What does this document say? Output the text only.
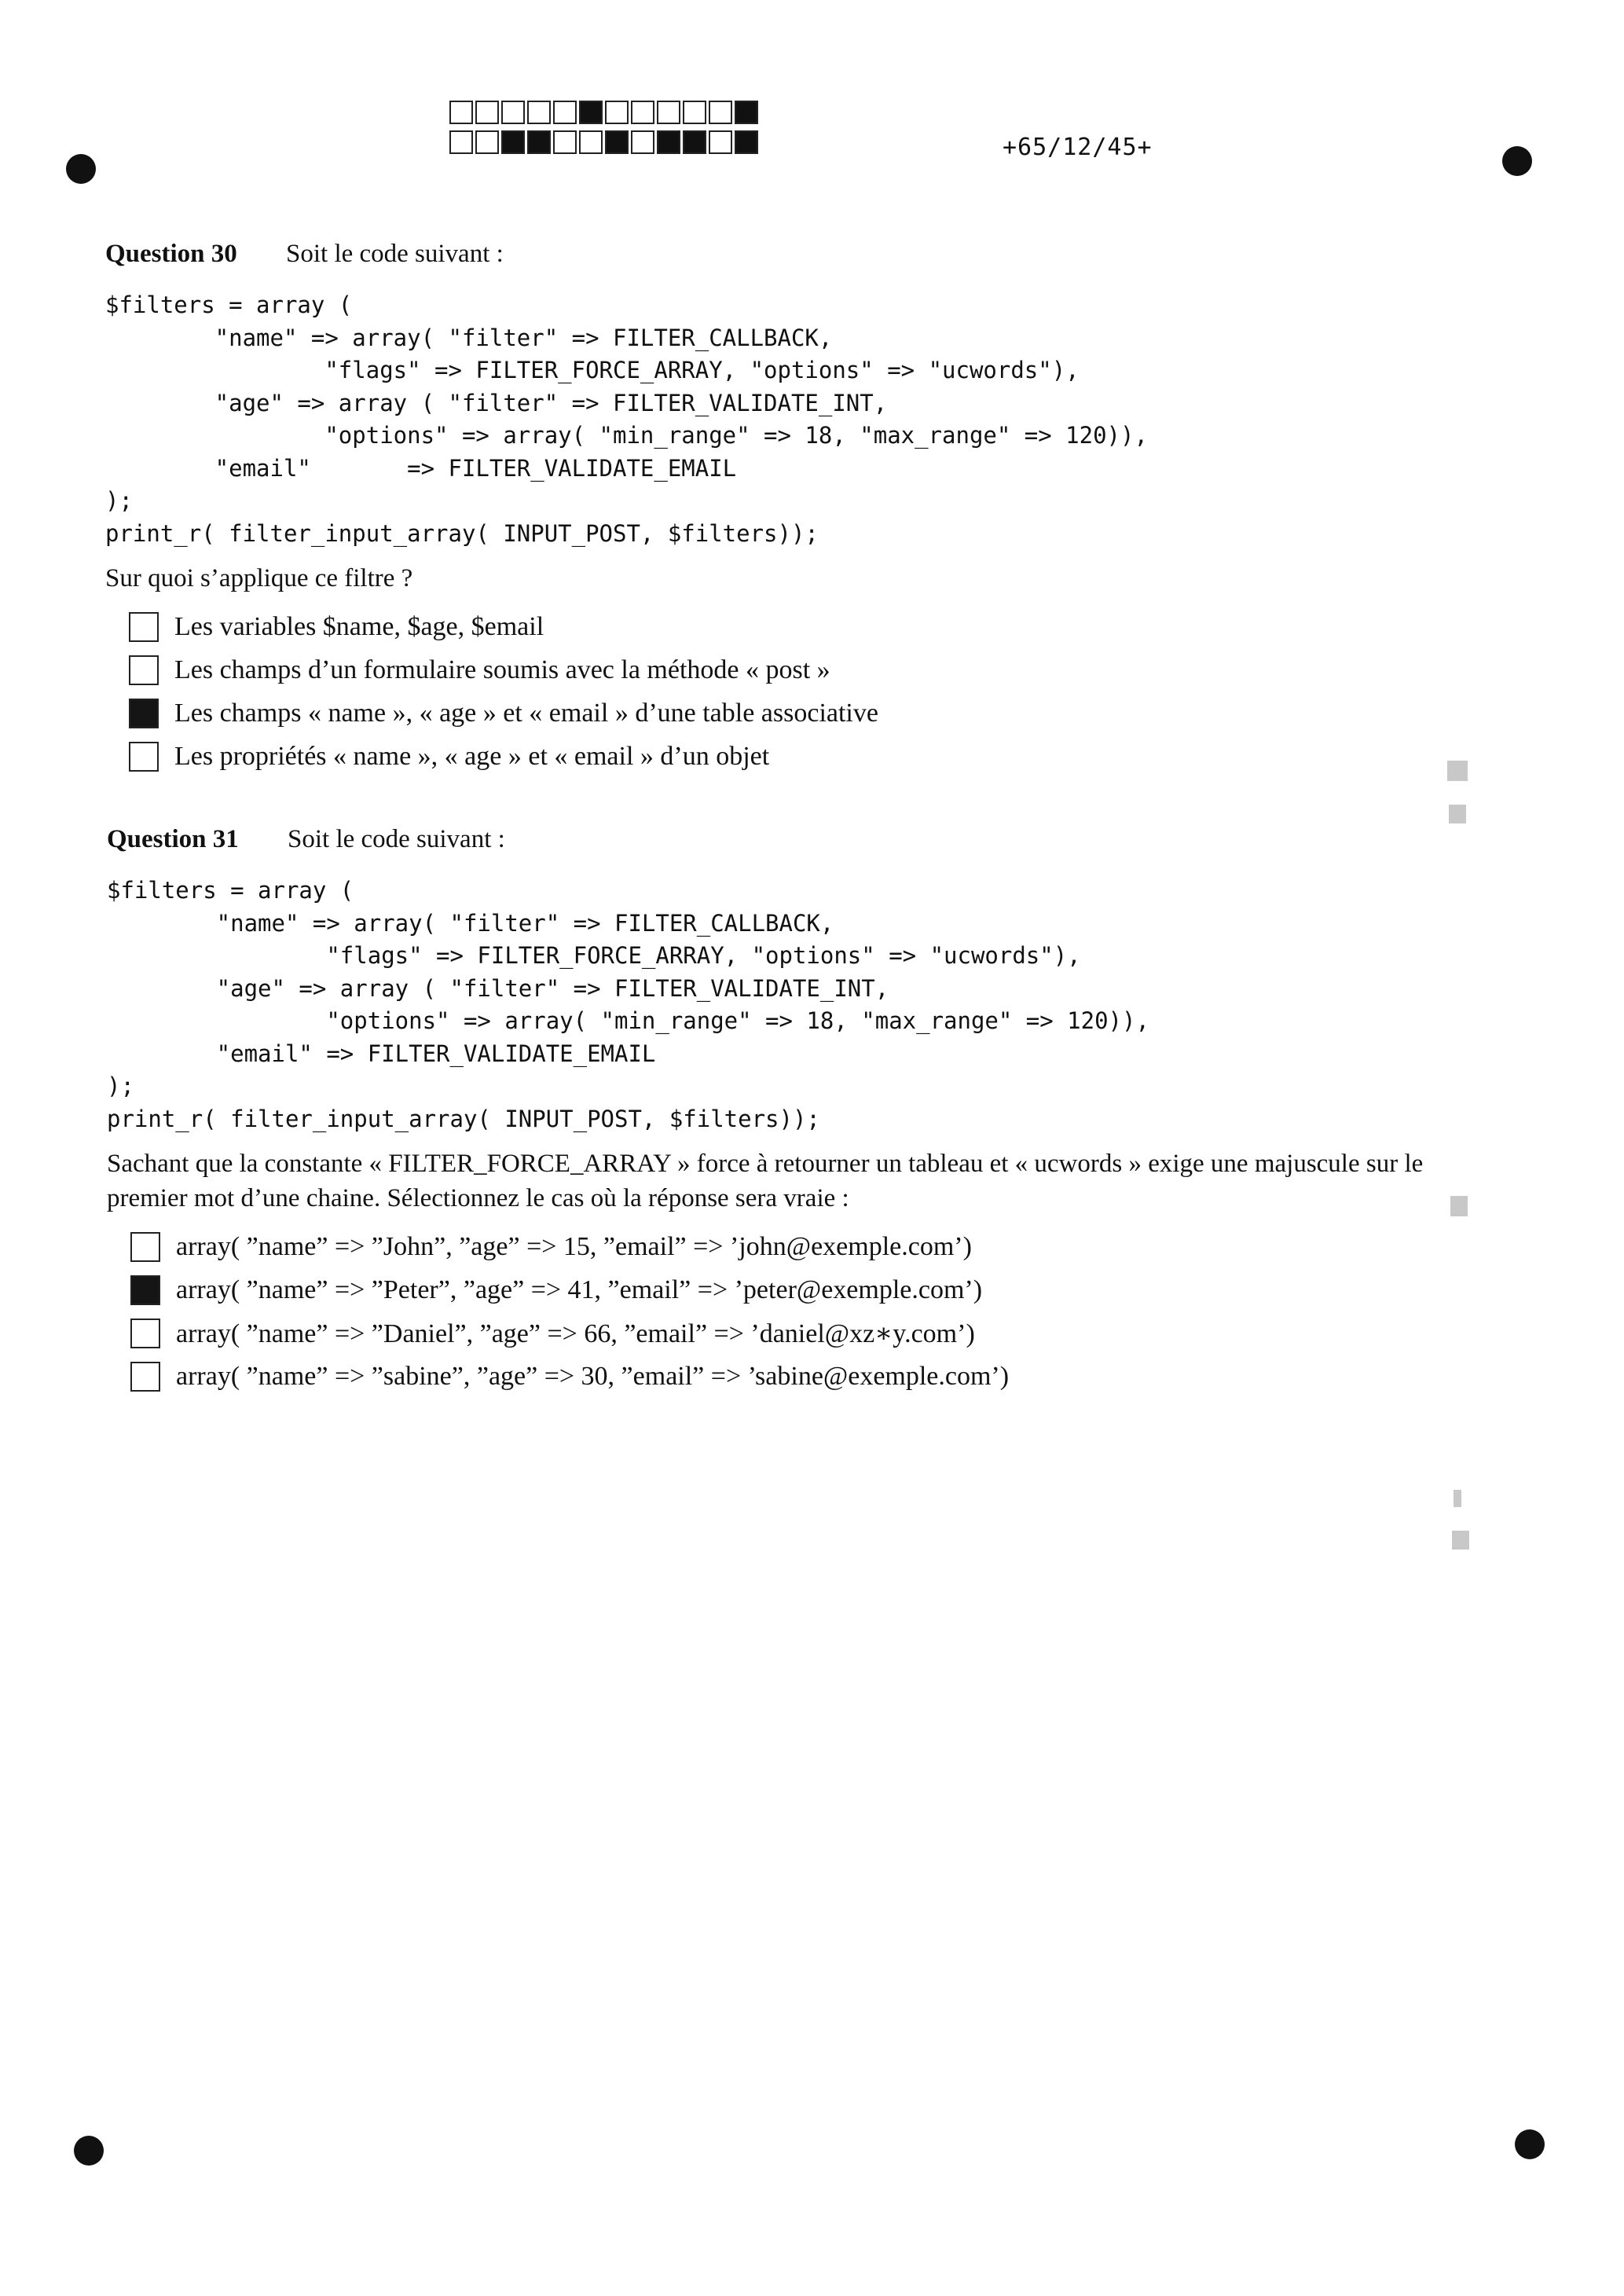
+65/12/45+
Question 30	Soit le code suivant :
$filters = array (
"name" => array( "filter" => FILTER_CALLBACK,
"flags" => FILTER_FORCE_ARRAY, "options" => "ucwords"),
"age" => array ( "filter" => FILTER_VALIDATE_INT,
"options" => array( "min_range" => 18, "max_range" => 120)),
"email"       => FILTER_VALIDATE_EMAIL
);
print_r( filter_input_array( INPUT_POST, $filters));
Sur quoi s’applique ce filtre ?
Les variables $name, $age, $email
Les champs d’un formulaire soumis avec la méthode « post »
Les champs « name », « age » et « email » d’une table associative
Les propriétés « name », « age » et « email » d’un objet
Question 31	Soit le code suivant :
$filters = array (
"name" => array( "filter" => FILTER_CALLBACK,
"flags" => FILTER_FORCE_ARRAY, "options" => "ucwords"),
"age" => array ( "filter" => FILTER_VALIDATE_INT,
"options" => array( "min_range" => 18, "max_range" => 120)),
"email" => FILTER_VALIDATE_EMAIL
);
print_r( filter_input_array( INPUT_POST, $filters));
Sachant que la constante « FILTER_FORCE_ARRAY » force à retourner un tableau et « ucwords » exige une majuscule sur le
premier mot d’une chaine. Sélectionnez le cas où la réponse sera vraie :
array( ”name” => ”John”, ”age” => 15, ”email” => ’john@exemple.com’)
array( ”name” => ”Peter”, ”age” => 41, ”email” => ’peter@exemple.com’)
array( ”name” => ”Daniel”, ”age” => 66, ”email” => ’daniel@xz∗y.com’)
array( ”name” => ”sabine”, ”age” => 30, ”email” => ’sabine@exemple.com’)
